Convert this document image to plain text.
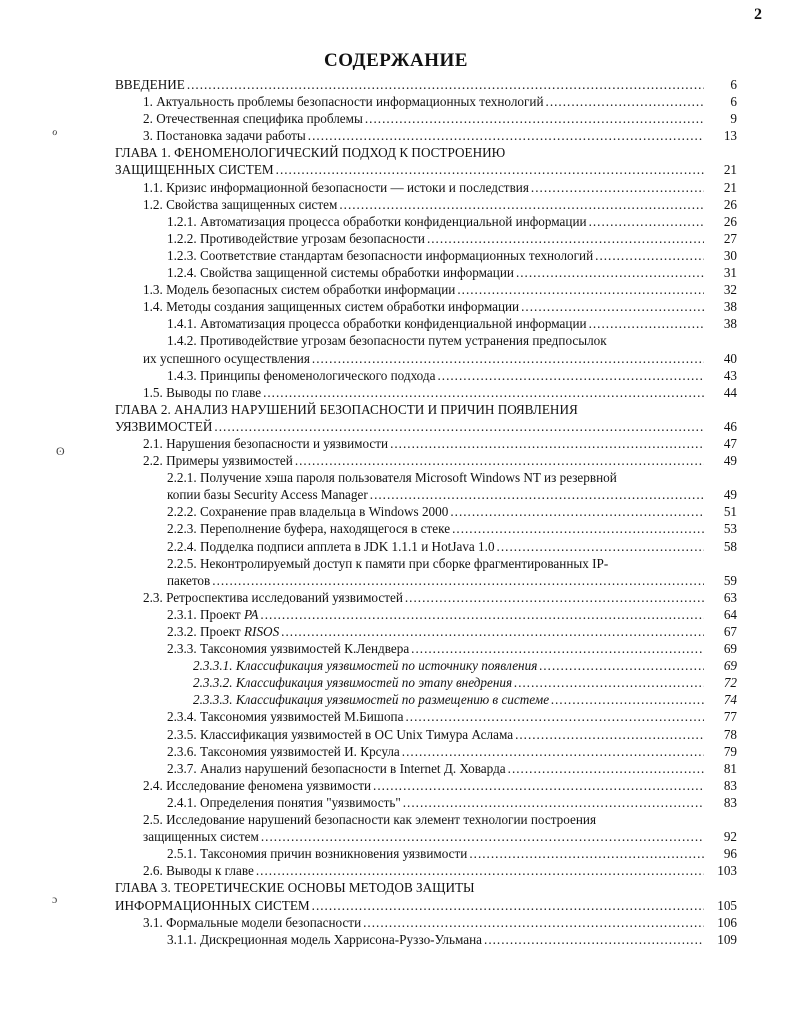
2
СОДЕРЖАНИЕ
ℴ
ʘ
ɔ
ВВЕДЕНИЕ .....	6
1. Актуальность проблемы безопасности информационных технологий .....	6
2. Отечественная специфика проблемы .....	9
3. Постановка задачи работы .....	13
ГЛАВА 1. ФЕНОМЕНОЛОГИЧЕСКИЙ ПОДХОД К ПОСТРОЕНИЮ
ЗАЩИЩЕННЫХ СИСТЕМ .....	21
1.1. Кризис информационной безопасности — истоки и последствия .....	21
1.2. Свойства защищенных систем .....	26
1.2.1. Автоматизация процесса обработки конфиденциальной информации .....	26
1.2.2. Противодействие угрозам безопасности .....	27
1.2.3. Соответствие стандартам безопасности информационных технологий .....	30
1.2.4. Свойства защищенной системы обработки информации .....	31
1.3. Модель безопасных систем обработки информации .....	32
1.4. Методы создания защищенных систем обработки информации .....	38
1.4.1. Автоматизация процесса обработки конфиденциальной информации .....	38
1.4.2. Противодействие угрозам безопасности путем устранения предпосылок
их успешного осуществления .....	40
1.4.3. Принципы феноменологического подхода .....	43
1.5. Выводы по главе .....	44
ГЛАВА 2. АНАЛИЗ НАРУШЕНИЙ БЕЗОПАСНОСТИ И ПРИЧИН ПОЯВЛЕНИЯ
УЯЗВИМОСТЕЙ .....	46
2.1. Нарушения безопасности и уязвимости .....	47
2.2. Примеры уязвимостей .....	49
2.2.1. Получение хэша пароля пользователя Microsoft Windows NT из резервной
копии базы Security Access Manager .....	49
2.2.2. Сохранение прав владельца в Windows 2000 .....	51
2.2.3. Переполнение буфера, находящегося в стеке .....	53
2.2.4. Подделка подписи апплета в JDK 1.1.1 и HotJava 1.0 .....	58
2.2.5. Неконтролируемый доступ к памяти при сборке фрагментированных IP-
пакетов .....	59
2.3. Ретроспектива исследований уязвимостей .....	63
2.3.1. Проект PA .....	64
2.3.2. Проект RISOS .....	67
2.3.3. Таксономия уязвимостей К.Лендвера .....	69
2.3.3.1. Классификация уязвимостей по источнику появления .....	69
2.3.3.2. Классификация уязвимостей по этапу внедрения .....	72
2.3.3.3. Классификация уязвимостей по размещению в системе .....	74
2.3.4. Таксономия уязвимостей М.Бишопа .....	77
2.3.5. Классификация уязвимостей в ОС Unix Тимура Аслама .....	78
2.3.6. Таксономия уязвимостей И. Крсула .....	79
2.3.7. Анализ нарушений безопасности в Internet Д. Ховарда .....	81
2.4. Исследование феномена уязвимости .....	83
2.4.1. Определения понятия "уязвимость" .....	83
2.5. Исследование нарушений безопасности как элемент технологии построения
защищенных систем .....	92
2.5.1. Таксономия причин возникновения уязвимости .....	96
2.6. Выводы к главе .....	103
ГЛАВА 3. ТЕОРЕТИЧЕСКИЕ ОСНОВЫ МЕТОДОВ ЗАЩИТЫ
ИНФОРМАЦИОННЫХ СИСТЕМ .....	105
3.1. Формальные модели безопасности .....	106
3.1.1. Дискреционная модель Харрисона-Руззо-Ульмана .....	109
